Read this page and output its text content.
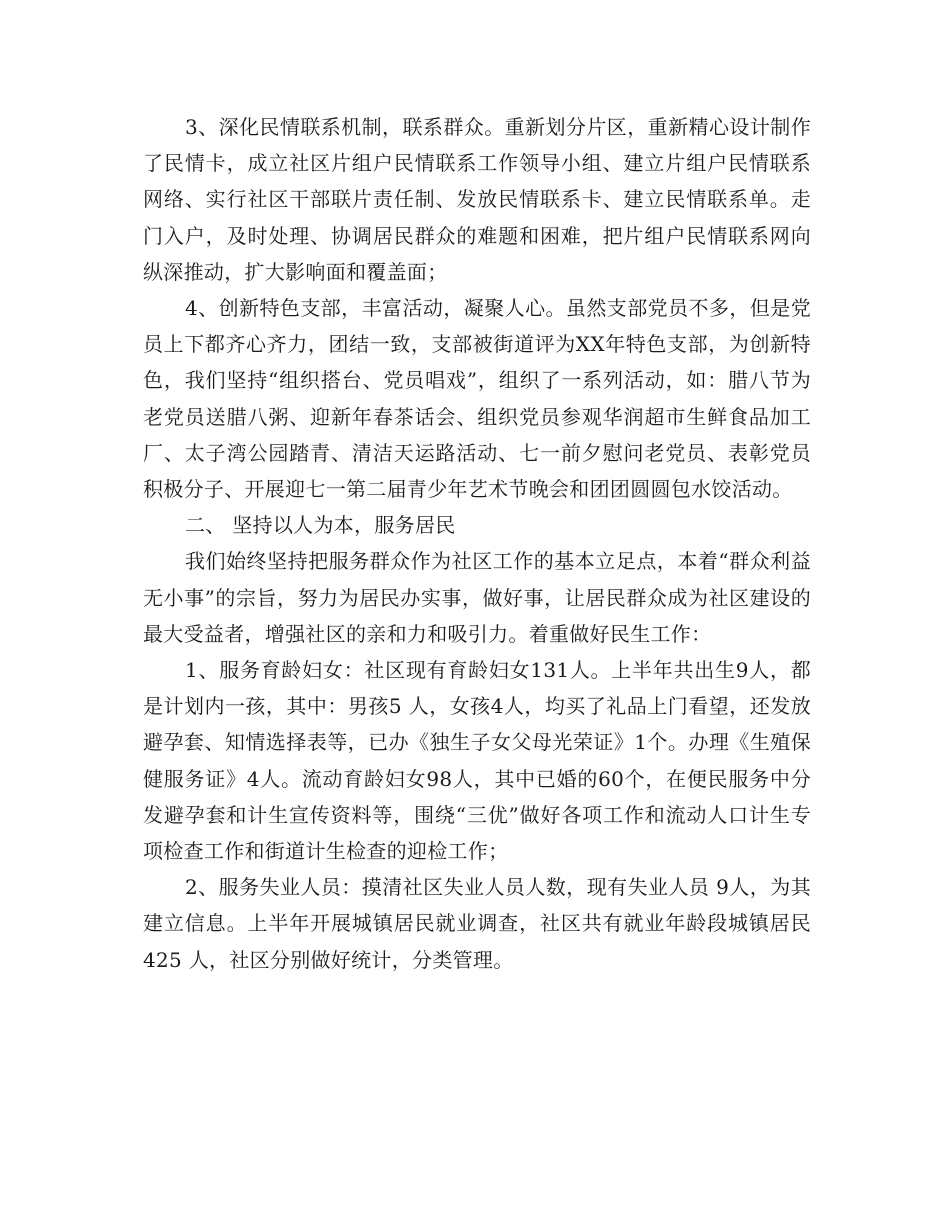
3、深化民情联系机制，联系群众。重新划分片区，重新精心设计制作了民情卡，成立社区片组户民情联系工作领导小组、建立片组户民情联系网络、实行社区干部联片责任制、发放民情联系卡、建立民情联系单。走门入户，及时处理、协调居民群众的难题和困难，把片组户民情联系网向纵深推动，扩大影响面和覆盖面；

4、创新特色支部，丰富活动，凝聚人心。虽然支部党员不多，但是党员上下都齐心齐力，团结一致，支部被街道评为XX年特色支部，为创新特色，我们坚持“组织搭台、党员唱戏”，组织了一系列活动，如：腊八节为老党员送腊八粥、迎新年春茶话会、组织党员参观华润超市生鲜食品加工厂、太子湾公园踏青、清洁天运路活动、七一前夕慰问老党员、表彰党员积极分子、开展迎七一第二届青少年艺术节晚会和团团圆圆包水饺活动。

二、 坚持以人为本，服务居民

我们始终坚持把服务群众作为社区工作的基本立足点，本着“群众利益无小事”的宗旨，努力为居民办实事，做好事，让居民群众成为社区建设的最大受益者，增强社区的亲和力和吸引力。着重做好民生工作：

1、服务育龄妇女：社区现有育龄妇女131人。上半年共出生9人，都是计划内一孩，其中：男孩5 人，女孩4人，均买了礼品上门看望，还发放避孕套、知情选择表等，已办《独生子女父母光荣证》1个。办理《生殖保健服务证》4人。流动育龄妇女98人，其中已婚的60个，在便民服务中分发避孕套和计生宣传资料等，围绕“三优”做好各项工作和流动人口计生专项检查工作和街道计生检查的迎检工作；

2、服务失业人员：摸清社区失业人员人数，现有失业人员 9人，为其建立信息。上半年开展城镇居民就业调查，社区共有就业年龄段城镇居民 425 人，社区分别做好统计，分类管理。
